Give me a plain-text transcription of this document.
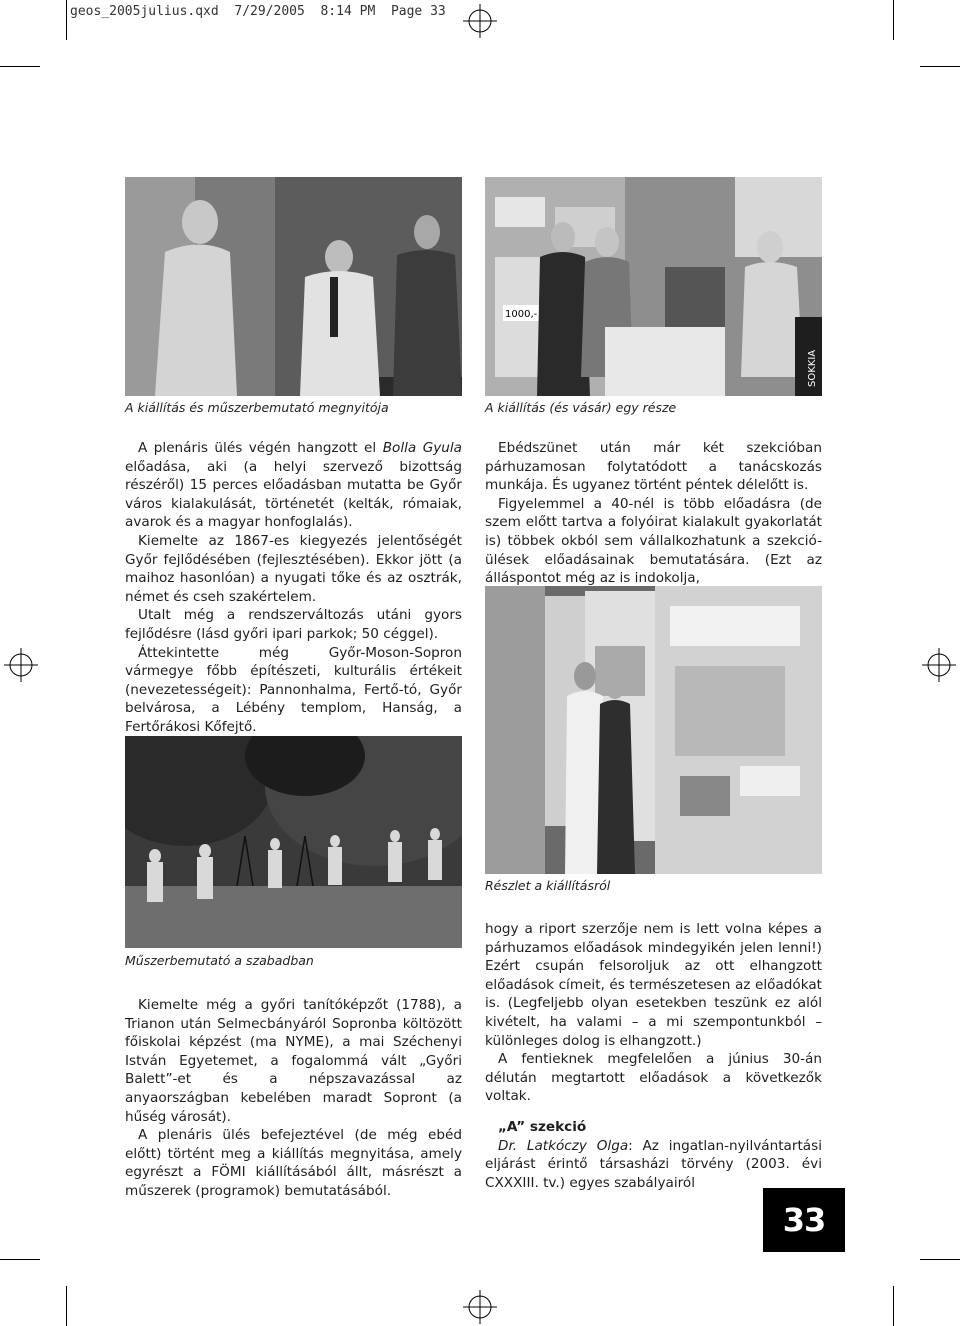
geos_2005julius.qxd 7/29/2005 8:14 PM Page 33
A kiállítás és műszerbemutató megnyitója
1000,-
SOKKIA
A kiállítás (és vásár) egy része

A plenáris ülés végén hangzott el Bolla Gyula előadása, aki (a helyi szervező bizottság részéről) 15 perces előadásban mutatta be Győr város kialakulását, történetét (kelták, rómaiak, avarok és a magyar honfoglalás).

Kiemelte az 1867-es kiegyezés jelentőségét Győr fejlődésében (fejlesztésében). Ekkor jött (a maihoz hasonlóan) a nyugati tőke és az osztrák, német és cseh szakértelem.

Utalt még a rendszerváltozás utáni gyors fejlődésre (lásd győri ipari parkok; 50 céggel).

Áttekintette még Győr-Moson-Sopron vármegye főbb építészeti, kulturális értékeit (nevezetességeit): Pannonhalma, Fertő-tó, Győr belvárosa, a Lébény templom, Hanság, a Fertőrákosi Kőfejtő.

Ebédszünet után már két szekcióban párhuzamosan folytatódott a tanácskozás munkája. És ugyanez történt péntek délelőtt is.

Figyelemmel a 40-nél is több előadásra (de szem előtt tartva a folyóirat kialakult gyakorlatát is) többek okból sem vállalkozhatunk a szekció-ülések előadásainak bemutatására. (Ezt az álláspontot még az is indokolja,

Részlet a kiállításról
Műszerbemutató a szabadban

Kiemelte még a győri tanítóképzőt (1788), a Trianon után Selmecbányáról Sopronba költözött főiskolai képzést (ma NYME), a mai Széchenyi István Egyetemet, a fogalommá vált „Győri Balett”-et és a népszavazással az anyaországban kebelében maradt Sopront (a hűség városát).

A plenáris ülés befejeztével (de még ebéd előtt) történt meg a kiállítás megnyitása, amely egyrészt a FÖMI kiállításából állt, másrészt a műszerek (programok) bemutatásából.

hogy a riport szerzője nem is lett volna képes a párhuzamos előadások mindegyikén jelen lenni!) Ezért csupán felsoroljuk az ott elhangzott előadások címeit, és természetesen az előadókat is. (Legfeljebb olyan esetekben teszünk ez alól kivételt, ha valami – a mi szempontunkból – különleges dolog is elhangzott.)

A fentieknek megfelelően a június 30-án délután megtartott előadások a következők voltak.

„A” szekció

Dr. Latkóczy Olga: Az ingatlan-nyilvántartási eljárást érintő társasházi törvény (2003. évi CXXXIII. tv.) egyes szabályairól

33
